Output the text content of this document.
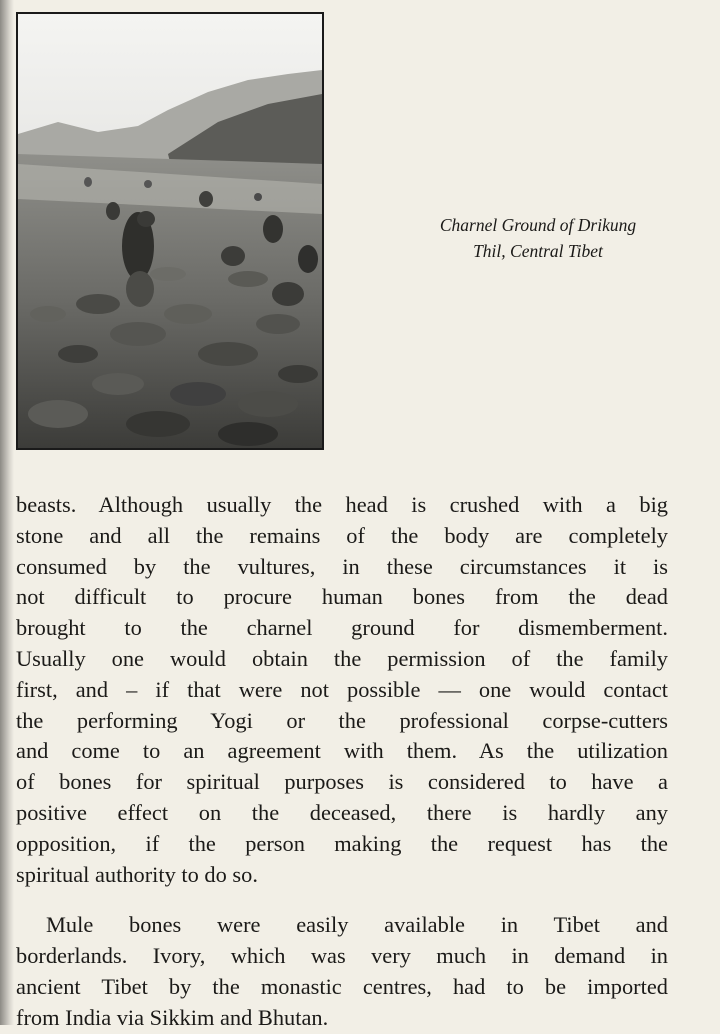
Charnel Ground of Drikung
Thil, Central Tibet
beasts. Although usually the head is crushed with a big
stone and all the remains of the body are completely
consumed by the vultures, in these circumstances it is
not difficult to procure human bones from the dead
brought to the charnel ground for dismemberment.
Usually one would obtain the permission of the family
first, and – if that were not possible — one would contact
the performing Yogi or the professional corpse-cutters
and come to an agreement with them. As the utilization
of bones for spiritual purposes is considered to have a
positive effect on the deceased, there is hardly any
opposition, if the person making the request has the
spiritual authority to do so.
Mule bones were easily available in Tibet and
borderlands. Ivory, which was very much in demand in
ancient Tibet by the monastic centres, had to be imported
from India via Sikkim and Bhutan.
